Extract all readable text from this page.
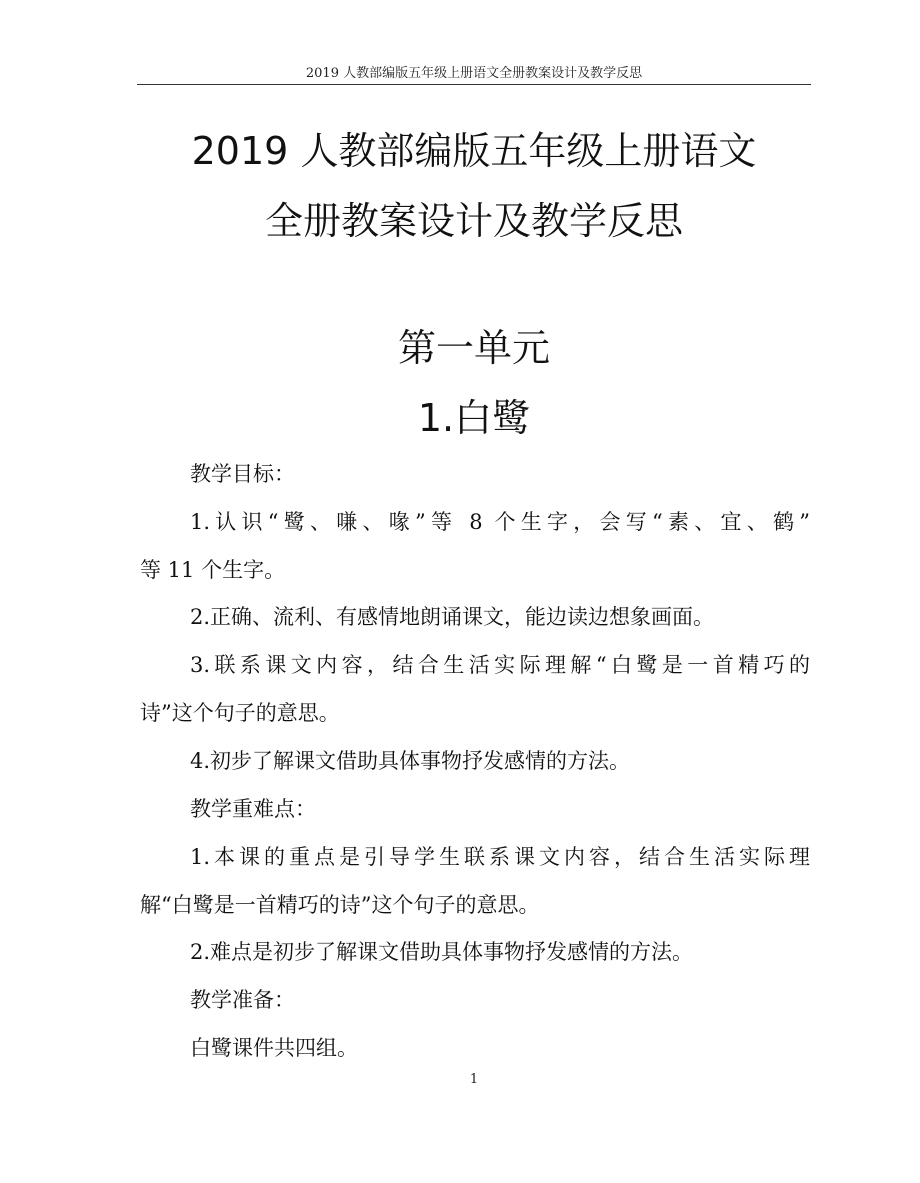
2019 人教部编版五年级上册语文全册教案设计及教学反思
2019 人教部编版五年级上册语文
全册教案设计及教学反思
第一单元
1.白鹭

教学目标：

1.认识“鹭、嗛、喙”等 8 个生字，会写“素、宜、鹤”

等 11 个生字。

2.正确、流利、有感情地朗诵课文，能边读边想象画面。

3.联系课文内容，结合生活实际理解“白鹭是一首精巧的

诗”这个句子的意思。

4.初步了解课文借助具体事物抒发感情的方法。

教学重难点：

1.本课的重点是引导学生联系课文内容，结合生活实际理

解“白鹭是一首精巧的诗”这个句子的意思。

2.难点是初步了解课文借助具体事物抒发感情的方法。

教学准备：

白鹭课件共四组。

1
